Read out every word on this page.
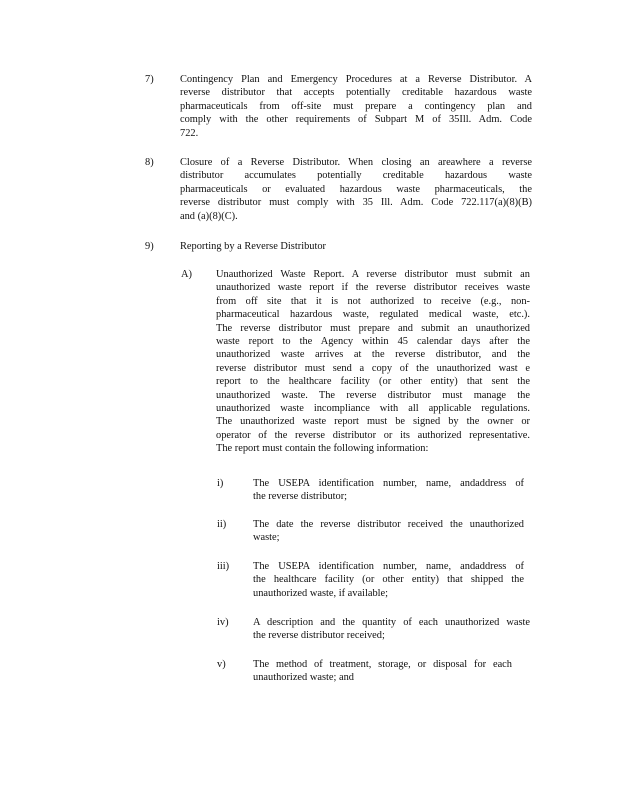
7)	Contingency Plan and Emergency Procedures at a Reverse Distributor. A
reverse distributor that accepts potentially creditable hazardous waste
pharmaceuticals from off-site must prepare a contingency plan and
comply with the other requirements of Subpart M of 35Ill. Adm. Code
722.
8)	Closure of a Reverse Distributor. When closing an areawhere a reverse
distributor accumulates potentially creditable hazardous waste
pharmaceuticals or evaluated hazardous waste pharmaceuticals, the
reverse distributor must comply with 35 Ill. Adm. Code 722.117(a)(8)(B)
and (a)(8)(C).
9)	Reporting by a Reverse Distributor
A) Unauthorized Waste Report. A reverse distributor must submit an
unauthorized waste report if the reverse distributor receives waste
from off site that it is not authorized to receive (e.g., non-
pharmaceutical hazardous waste, regulated medical waste, etc.).
The reverse distributor must prepare and submit an unauthorized
waste report to the Agency within 45 calendar days after the
unauthorized waste arrives at the reverse distributor, and the
reverse distributor must send a copy of the unauthorized wast e
report to the healthcare facility (or other entity) that sent the
unauthorized waste. The reverse distributor must manage the
unauthorized waste incompliance with all applicable regulations.
The unauthorized waste report must be signed by the owner or
operator of the reverse distributor or its authorized representative.
The report must contain the following information:
i)	The USEPA identification number, name, andaddress of
the reverse distributor;
ii)	The date the reverse distributor received the unauthorized
waste;
iii) The USEPA identification number, name, andaddress of
the healthcare facility (or other entity) that shipped the
unauthorized waste, if available;
iv) A description and the quantity of each unauthorized waste
the reverse distributor received;
v)	The method of treatment, storage, or disposal for each
unauthorized waste; and
